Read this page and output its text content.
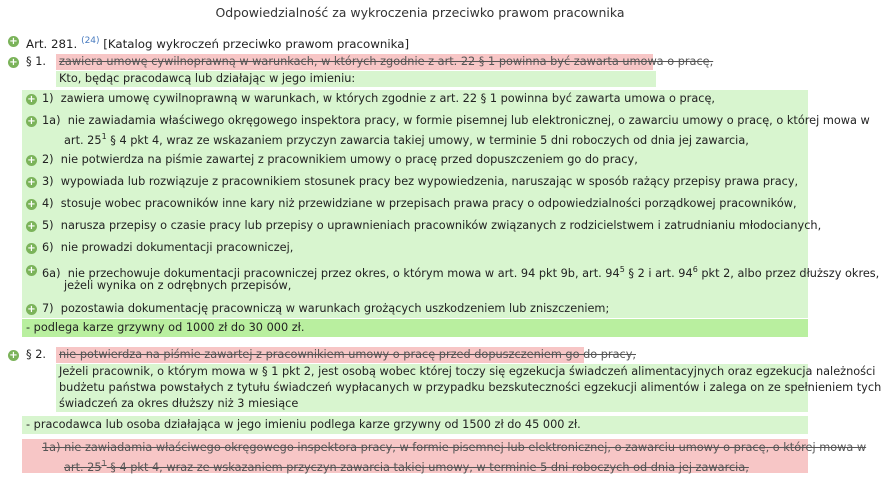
Odpowiedzialność za wykroczenia przeciwko prawom pracownika
+ Art. 281. $^{(24)}$ [Katalog wykroczeń przeciwko prawom pracownika]
+ § 1. zawiera umowę cywilnoprawną w warunkach, w których zgodnie z art. 22 § 1 powinna być zawarta umowa o pracę,
Kto, będąc pracodawcą lub działając w jego imieniu:
+ 1) zawiera umowę cywilnoprawną w warunkach, w których zgodnie z art. 22 § 1 powinna być zawarta umowa o pracę,
+ 1a) nie zawiadamia właściwego okręgowego inspektora pracy, w formie pisemnej lub elektronicznej, o zawarciu umowy o pracę, o której mowa w
art. $25^1$ § 4 pkt 4, wraz ze wskazaniem przyczyn zawarcia takiej umowy, w terminie 5 dni roboczych od dnia jej zawarcia,
+ 2) nie potwierdza na piśmie zawartej z pracownikiem umowy o pracę przed dopuszczeniem go do pracy,
+ 3) wypowiada lub rozwiązuje z pracownikiem stosunek pracy bez wypowiedzenia, naruszając w sposób rażący przepisy prawa pracy,
+ 4) stosuje wobec pracowników inne kary niż przewidziane w przepisach prawa pracy o odpowiedzialności porządkowej pracowników,
+ 5) narusza przepisy o czasie pracy lub przepisy o uprawnieniach pracowników związanych z rodzicielstwem i zatrudnianiu młodocianych,
+ 6) nie prowadzi dokumentacji pracowniczej,
+ 6a) nie przechowuje dokumentacji pracowniczej przez okres, o którym mowa w art. 94 pkt 9b, art. $94^5$ § 2 i art. $94^6$ pkt 2, albo przez dłuższy okres,
jeżeli wynika on z odrębnych przepisów,
+ 7) pozostawia dokumentację pracowniczą w warunkach grożących uszkodzeniem lub zniszczeniem;
- podlega karze grzywny od 1000 zł do 30 000 zł.
+ § 2. nie potwierdza na piśmie zawartej z pracownikiem umowy o pracę przed dopuszczeniem go do pracy,
Jeżeli pracownik, o którym mowa w § 1 pkt 2, jest osobą wobec której toczy się egzekucja świadczeń alimentacyjnych oraz egzekucja należności
budżetu państwa powstałych z tytułu świadczeń wypłacanych w przypadku bezskuteczności egzekucji alimentów i zalega on ze spełnieniem tych
świadczeń za okres dłuższy niż 3 miesiące
- pracodawca lub osoba działająca w jego imieniu podlega karze grzywny od 1500 zł do 45 000 zł.
1a) nie zawiadamia właściwego okręgowego inspektora pracy, w formie pisemnej lub elektronicznej, o zawarciu umowy o pracę, o której mowa w
art. $25^1$ § 4 pkt 4, wraz ze wskazaniem przyczyn zawarcia takiej umowy, w terminie 5 dni roboczych od dnia jej zawarcia,
